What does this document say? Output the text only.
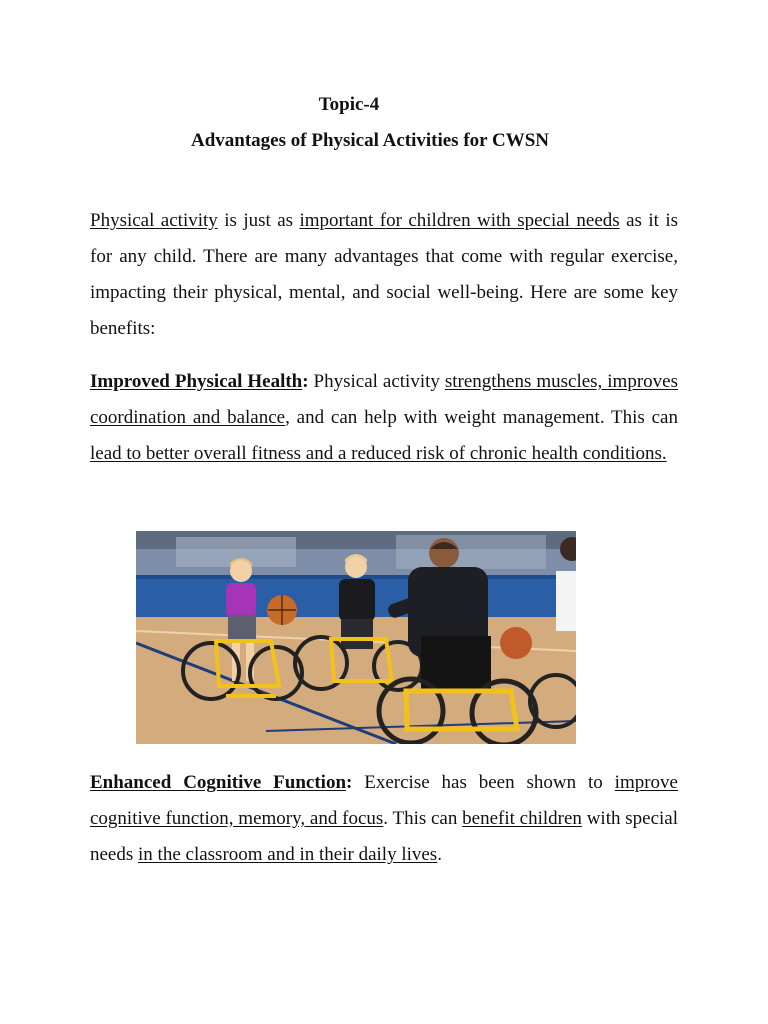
Topic-4
Advantages of Physical Activities for CWSN

Physical activity is just as important for children with special needs as it is for any child. There are many advantages that come with regular exercise, impacting their physical, mental, and social well-being. Here are some key benefits:

Improved Physical Health: Physical activity strengthens muscles, improves coordination and balance, and can help with weight management. This can lead to better overall fitness and a reduced risk of chronic health conditions.

Enhanced Cognitive Function: Exercise has been shown to improve cognitive function, memory, and focus. This can benefit children with special needs in the classroom and in their daily lives.
